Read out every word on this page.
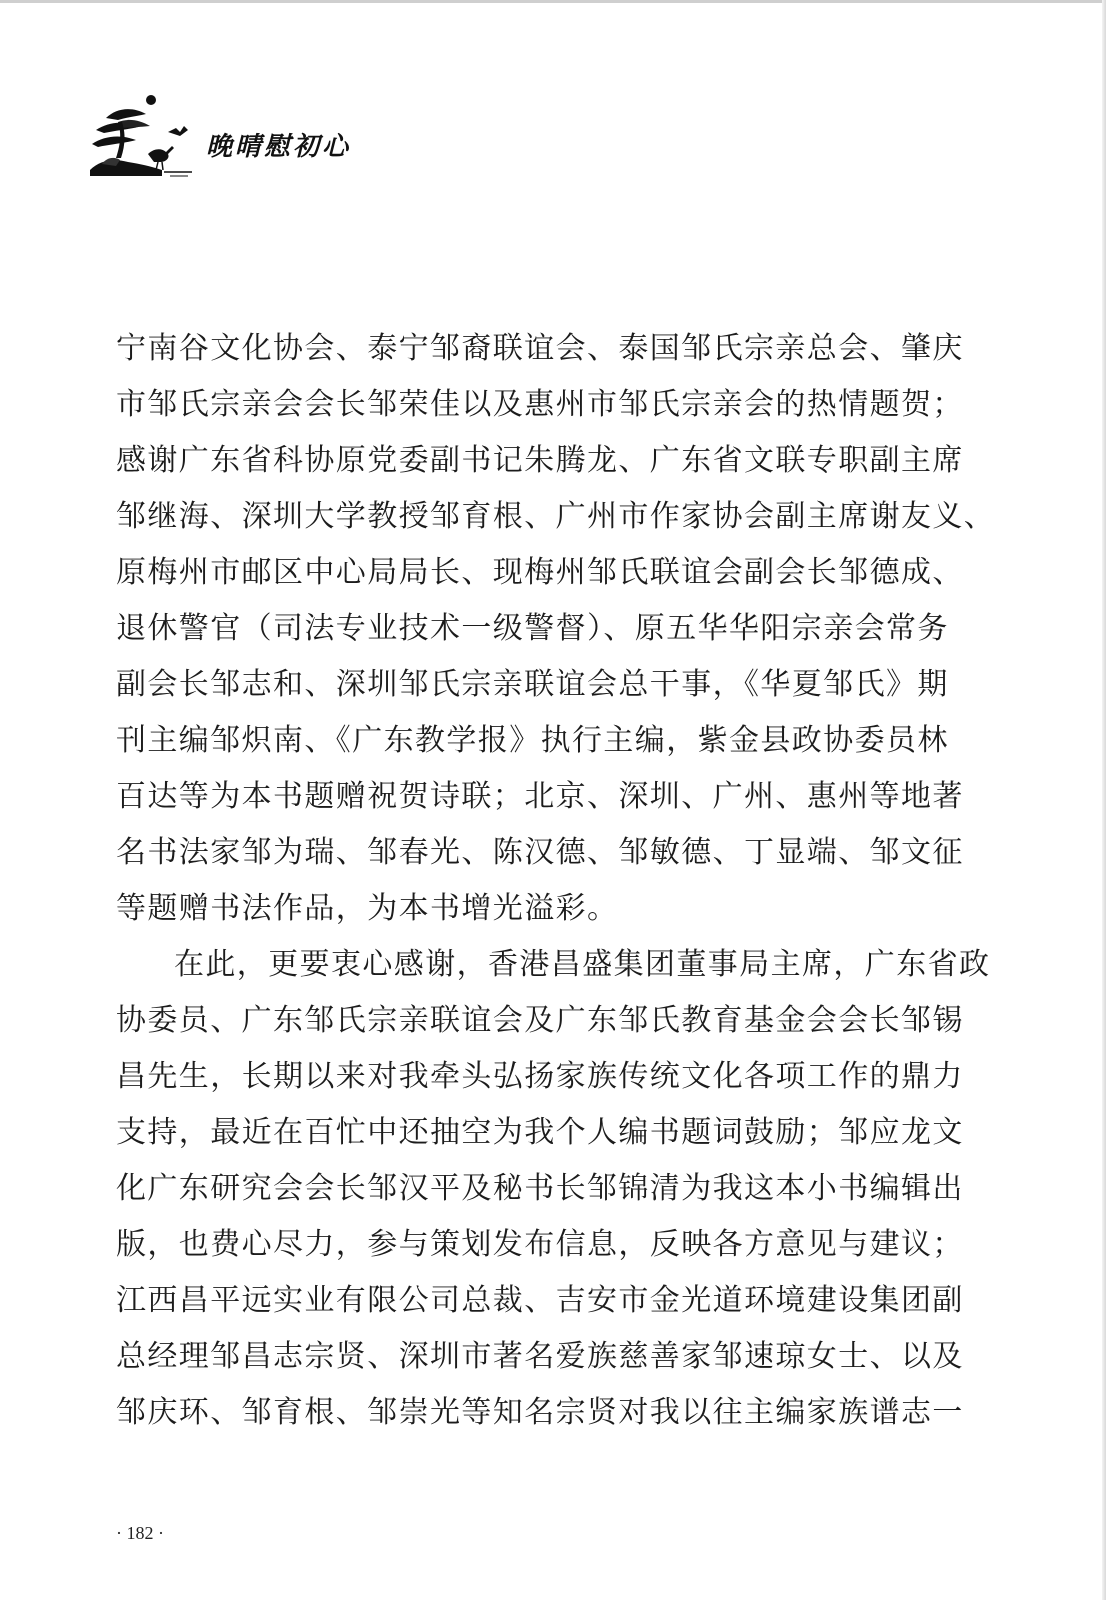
晚晴慰初心
宁南谷文化协会、泰宁邹裔联谊会、泰国邹氏宗亲总会、肇庆
市邹氏宗亲会会长邹荣佳以及惠州市邹氏宗亲会的热情题贺；
感谢广东省科协原党委副书记朱腾龙、广东省文联专职副主席
邹继海、深圳大学教授邹育根、广州市作家协会副主席谢友义、
原梅州市邮区中心局局长、现梅州邹氏联谊会副会长邹德成、
退休警官（司法专业技术一级警督）、原五华华阳宗亲会常务
副会长邹志和、深圳邹氏宗亲联谊会总干事，《华夏邹氏》期
刊主编邹炽南、《广东教学报》执行主编，紫金县政协委员林
百达等为本书题赠祝贺诗联；北京、深圳、广州、惠州等地著
名书法家邹为瑞、邹春光、陈汉德、邹敏德、丁显端、邹文征
等题赠书法作品，为本书增光溢彩。
在此，更要衷心感谢，香港昌盛集团董事局主席，广东省政
协委员、广东邹氏宗亲联谊会及广东邹氏教育基金会会长邹锡
昌先生，长期以来对我牵头弘扬家族传统文化各项工作的鼎力
支持，最近在百忙中还抽空为我个人编书题词鼓励；邹应龙文
化广东研究会会长邹汉平及秘书长邹锦清为我这本小书编辑出
版，也费心尽力，参与策划发布信息，反映各方意见与建议；
江西昌平远实业有限公司总裁、吉安市金光道环境建设集团副
总经理邹昌志宗贤、深圳市著名爱族慈善家邹速琼女士、以及
邹庆环、邹育根、邹崇光等知名宗贤对我以往主编家族谱志一
· 182 ·
